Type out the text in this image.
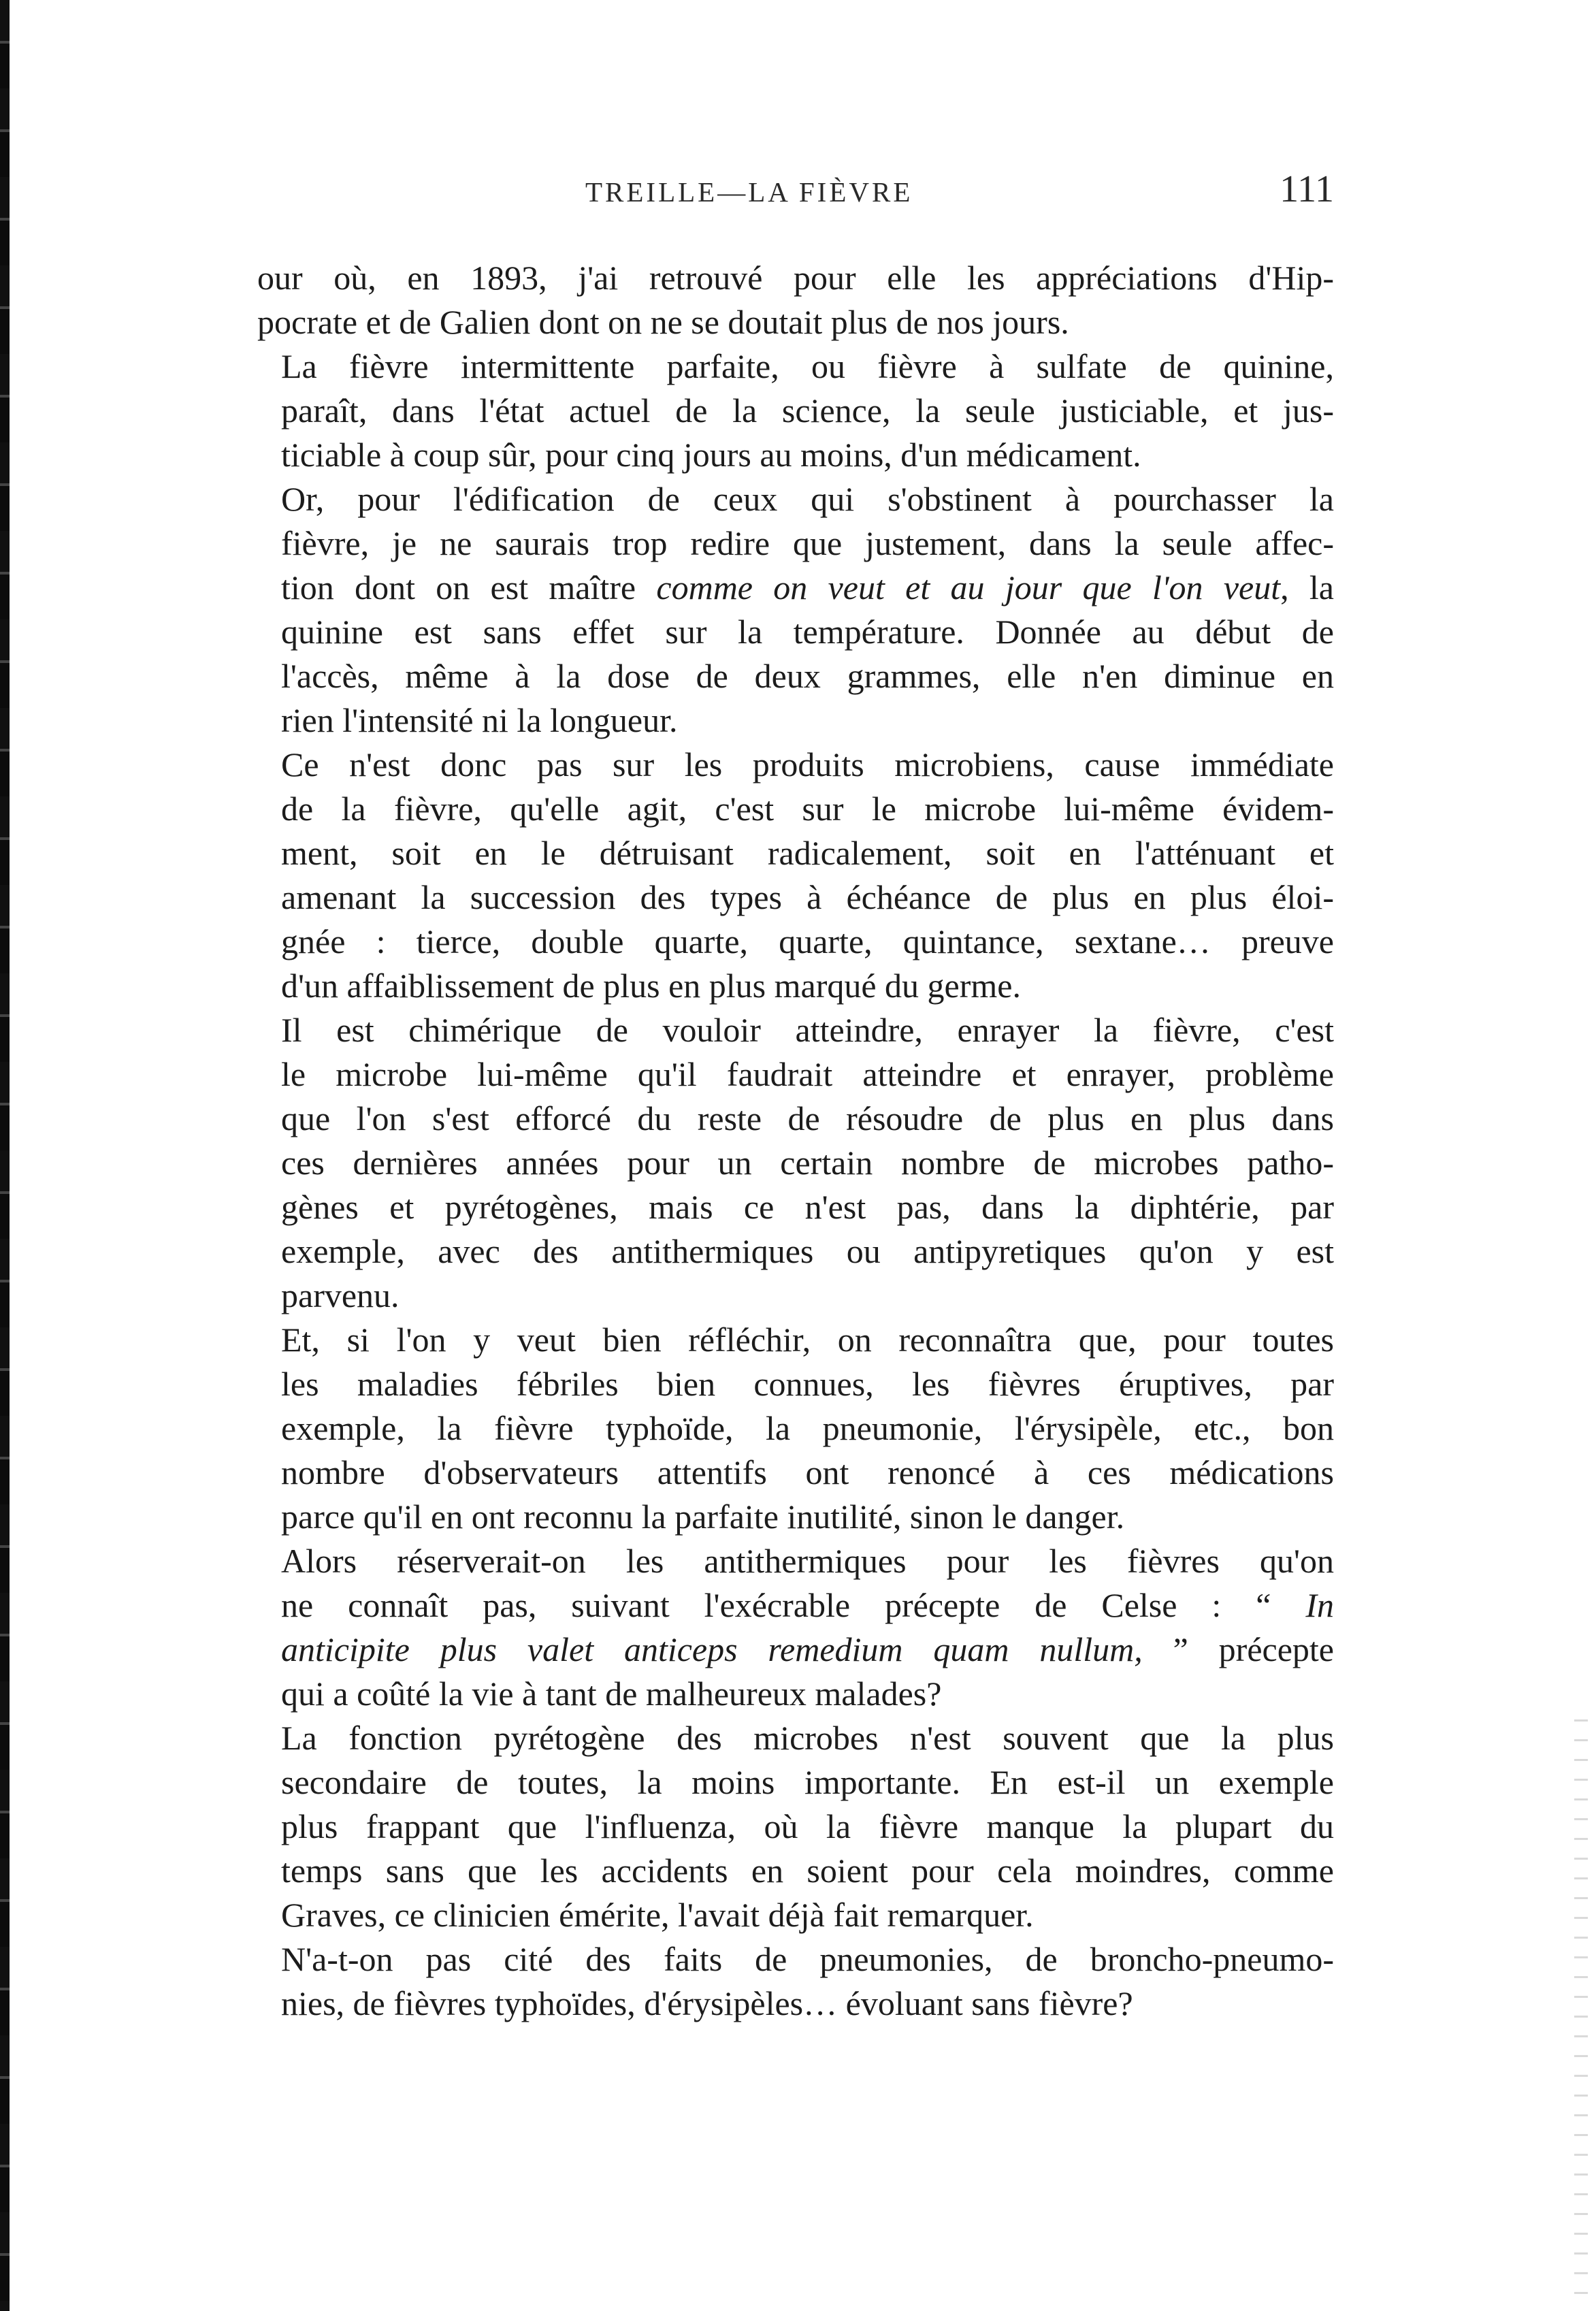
TREILLE—LA FIÈVRE	111

our où, en 1893, j'ai retrouvé pour elle les appréciations d'Hip-
pocrate et de Galien dont on ne se doutait plus de nos jours.

La fièvre intermittente parfaite, ou fièvre à sulfate de quinine,
paraît, dans l'état actuel de la science, la seule justiciable, et jus-
ticiable à coup sûr, pour cinq jours au moins, d'un médicament.

Or, pour l'édification de ceux qui s'obstinent à pourchasser la
fièvre, je ne saurais trop redire que justement, dans la seule affec-
tion dont on est maître comme on veut et au jour que l'on veut, la
quinine est sans effet sur la température. Donnée au début de
l'accès, même à la dose de deux grammes, elle n'en diminue en
rien l'intensité ni la longueur.

Ce n'est donc pas sur les produits microbiens, cause immédiate
de la fièvre, qu'elle agit, c'est sur le microbe lui-même évidem-
ment, soit en le détruisant radicalement, soit en l'atténuant et
amenant la succession des types à échéance de plus en plus éloi-
gnée : tierce, double quarte, quarte, quintance, sextane… preuve
d'un affaiblissement de plus en plus marqué du germe.

Il est chimérique de vouloir atteindre, enrayer la fièvre, c'est
le microbe lui-même qu'il faudrait atteindre et enrayer, problème
que l'on s'est efforcé du reste de résoudre de plus en plus dans
ces dernières années pour un certain nombre de microbes patho-
gènes et pyrétogènes, mais ce n'est pas, dans la diphtérie, par
exemple, avec des antithermiques ou antipyretiques qu'on y est
parvenu.

Et, si l'on y veut bien réfléchir, on reconnaîtra que, pour toutes
les maladies fébriles bien connues, les fièvres éruptives, par
exemple, la fièvre typhoïde, la pneumonie, l'érysipèle, etc., bon
nombre d'observateurs attentifs ont renoncé à ces médications
parce qu'il en ont reconnu la parfaite inutilité, sinon le danger.

Alors réserverait-on les antithermiques pour les fièvres qu'on
ne connaît pas, suivant l'exécrable précepte de Celse : “ In
anticipite plus valet anticeps remedium quam nullum, ” précepte
qui a coûté la vie à tant de malheureux malades?

La fonction pyrétogène des microbes n'est souvent que la plus
secondaire de toutes, la moins importante. En est-il un exemple
plus frappant que l'influenza, où la fièvre manque la plupart du
temps sans que les accidents en soient pour cela moindres, comme
Graves, ce clinicien émérite, l'avait déjà fait remarquer.

N'a-t-on pas cité des faits de pneumonies, de broncho-pneumo-
nies, de fièvres typhoïdes, d'érysipèles… évoluant sans fièvre?
